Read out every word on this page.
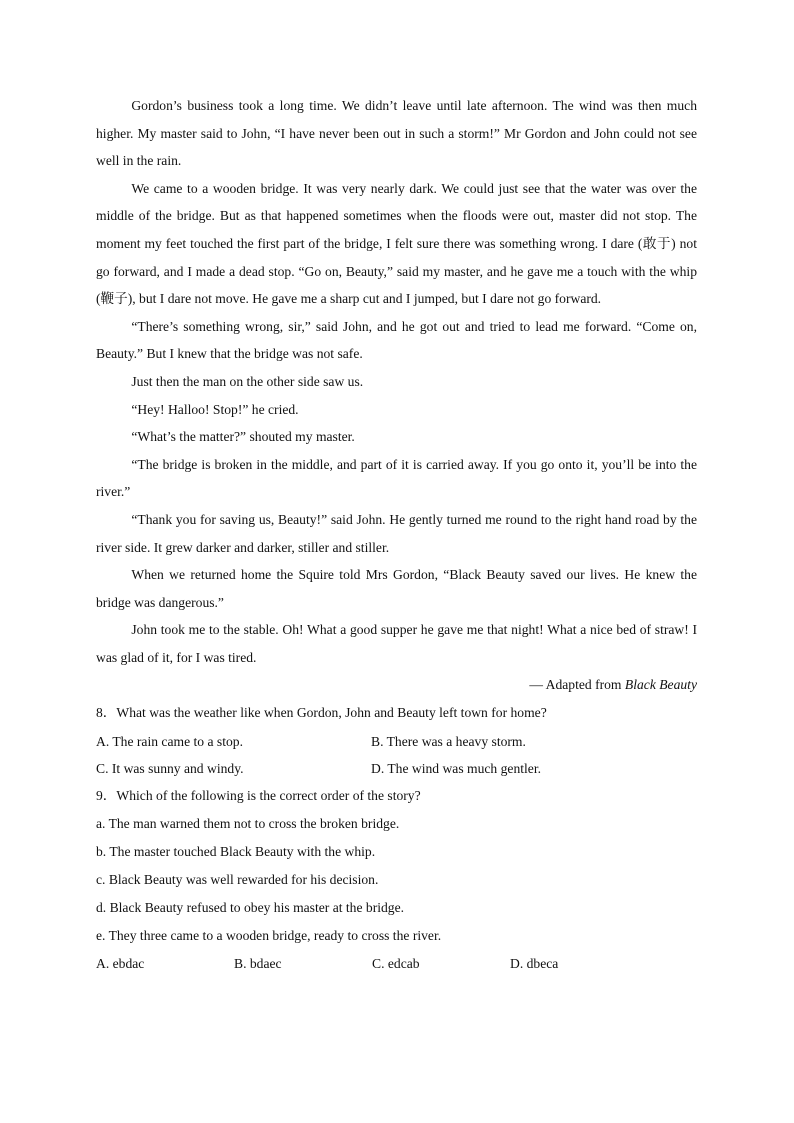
Gordon’s business took a long time. We didn’t leave until late afternoon. The wind was then much higher. My master said to John, “I have never been out in such a storm!” Mr Gordon and John could not see well in the rain.

We came to a wooden bridge. It was very nearly dark. We could just see that the water was over the middle of the bridge. But as that happened sometimes when the floods were out, master did not stop. The moment my feet touched the first part of the bridge, I felt sure there was something wrong. I dare (敢于) not go forward, and I made a dead stop. “Go on, Beauty,” said my master, and he gave me a touch with the whip (鞭子), but I dare not move. He gave me a sharp cut and I jumped, but I dare not go forward.

“There’s something wrong, sir,” said John, and he got out and tried to lead me forward. “Come on, Beauty.” But I knew that the bridge was not safe.

Just then the man on the other side saw us.

“Hey! Halloo! Stop!” he cried.

“What’s the matter?” shouted my master.

“The bridge is broken in the middle, and part of it is carried away. If you go onto it, you’ll be into the river.”

“Thank you for saving us, Beauty!” said John. He gently turned me round to the right hand road by the river side. It grew darker and darker, stiller and stiller.

When we returned home the Squire told Mrs Gordon, “Black Beauty saved our lives. He knew the bridge was dangerous.”

John took me to the stable. Oh! What a good supper he gave me that night! What a nice bed of straw! I was glad of it, for I was tired.

— Adapted from Black Beauty

8．What was the weather like when Gordon, John and Beauty left town for home?

A. The rain came to a stop.	B. There was a heavy storm.
C. It was sunny and windy.	D. The wind was much gentler.

9．Which of the following is the correct order of the story?

a. The man warned them not to cross the broken bridge.

b. The master touched Black Beauty with the whip.

c. Black Beauty was well rewarded for his decision.

d. Black Beauty refused to obey his master at the bridge.

e. They three came to a wooden bridge, ready to cross the river.

A. ebdac	B. bdaec	C. edcab	D. dbeca
